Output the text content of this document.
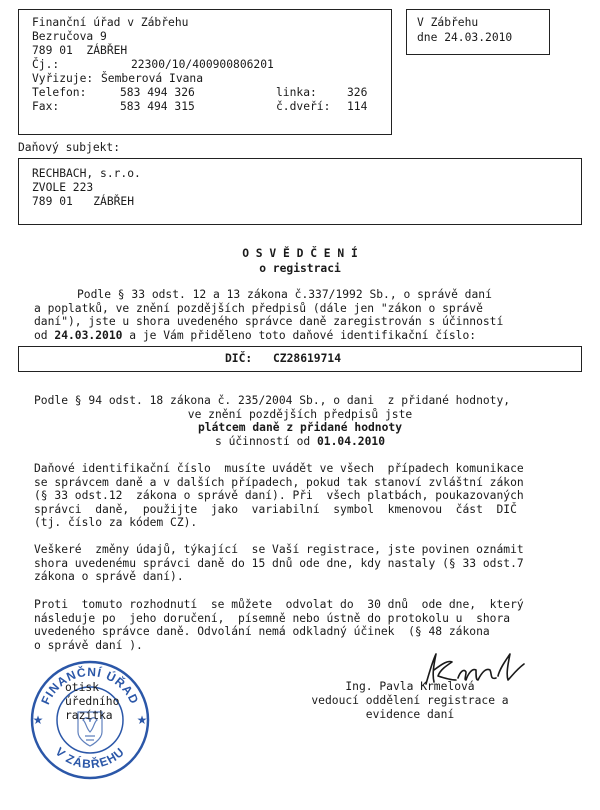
Finanční úřad v Zábřehu
Bezručova 9
789 01  ZÁBŘEH
Čj.:	22300/10/400900806201
Vyřizuje: Šemberová Ivana
Telefon:	583 494 326	linka:	326
Fax:	583 494 315	č.dveří: 114
V Zábřehu
dne 24.03.2010
Daňový subjekt:
RECHBACH, s.r.o.
ZVOLE 223
789 01   ZÁBŘEH
O S V Ě D Č E N Í
o registraci
Podle § 33 odst. 12 a 13 zákona č.337/1992 Sb., o správě daní
a poplatků, ve znění pozdějších předpisů (dále jen "zákon o správě
daní"), jste u shora uvedeného správce daně zaregistrován s účinností
od 24.03.2010 a je Vám přiděleno toto daňové identifikační číslo:
DIČ: CZ28619714
Podle § 94 odst. 18 zákona č. 235/2004 Sb., o dani  z přidané hodnoty,
ve znění pozdějších předpisů jste
plátcem daně z přidané hodnoty
s účinností od 01.04.2010
Daňové identifikační číslo  musíte uvádět ve všech  případech komunikace
se správcem daně a v dalších případech, pokud tak stanoví zvláštní zákon
(§ 33 odst.12  zákona o správě daní). Při  všech platbách, poukazovaných
správci  daně,  použijte  jako  variabilní  symbol  kmenovou  část  DIČ
(tj. číslo za kódem CZ).
Veškeré  změny údajů, týkající  se Vaší registrace, jste povinen oznámit
shora uvedenému správci daně do 15 dnů ode dne, kdy nastaly (§ 33 odst.7
zákona o správě daní).
Proti  tomuto rozhodnutí  se můžete  odvolat do  30 dnů  ode dne,  který
následuje po  jeho doručení,  písemně nebo ústně do protokolu u  shora
uvedeného správce daně. Odvolání nemá odkladný účinek  (§ 48 zákona
o správě daní ).
Ing. Pavla Krmelová
vedoucí oddělení registrace a
evidence daní
FINANČNÍ ÚŘAD
V ZÁBŘEHU
★	★
otisk
úředního
razítka
